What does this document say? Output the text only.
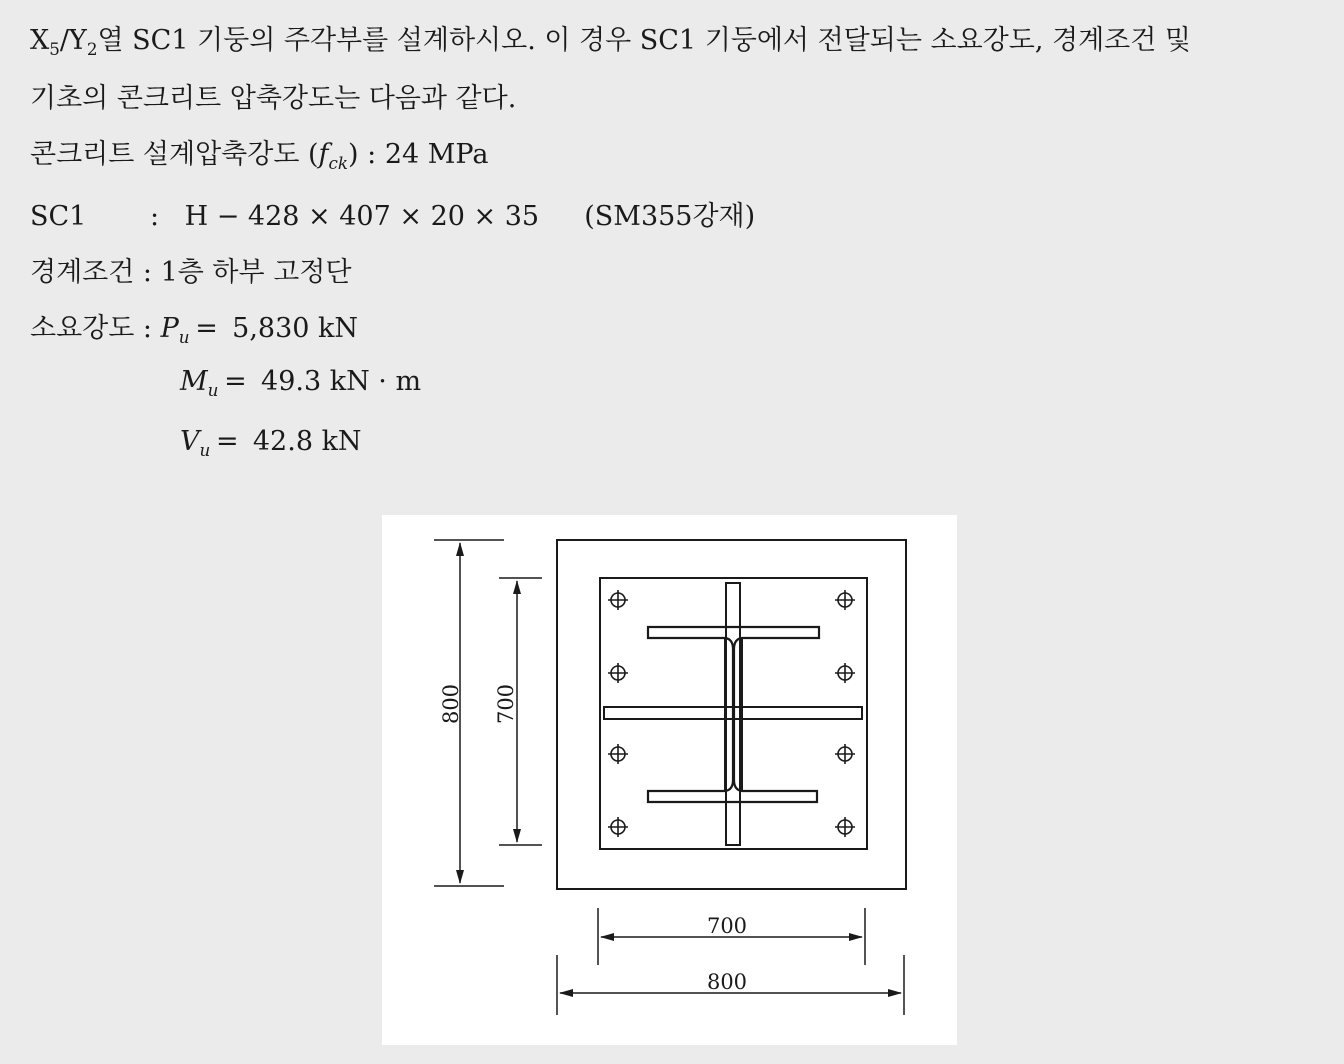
$X_5/Y_2$열 SC1 기둥의 주각부를 설계하시오. 이 경우 SC1 기둥에서 전달되는 소요강도, 경계조건 및
기초의 콘크리트 압축강도는 다음과 같다.
콘크리트 설계압축강도 $(f_{ck})$ : 24 MPa
SC1 : H − 428 × 407 × 20 × 35 (SM355강재)
경계조건 : 1층 하부 고정단
소요강도 : $P_u = 5,830$ kN
$M_u = 49.3$ kN · m
$V_u = 42.8$ kN
800 700
700
800
